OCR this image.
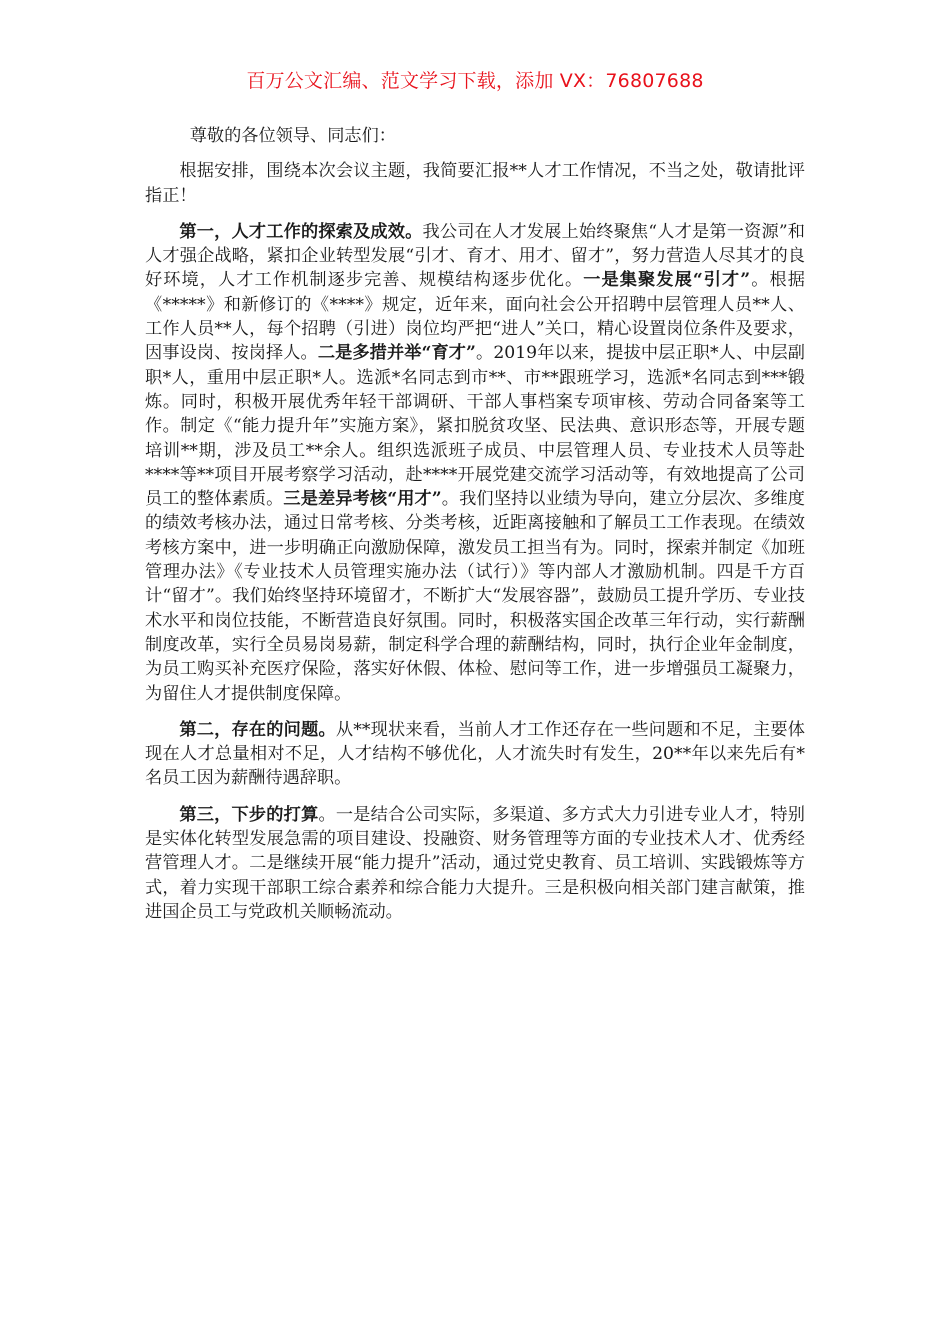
百万公文汇编、范文学习下载，添加 VX：76807688

尊敬的各位领导、同志们：

根据安排，围绕本次会议主题，我简要汇报**人才工作情况，不当之处，敬请批评指正！

第一，人才工作的探索及成效。我公司在人才发展上始终聚焦“人才是第一资源”和人才强企战略，紧扣企业转型发展“引才、育才、用才、留才”，努力营造人尽其才的良好环境，人才工作机制逐步完善、规模结构逐步优化。一是集聚发展“引才”。根据《*****》和新修订的《****》规定，近年来，面向社会公开招聘中层管理人员**人、工作人员**人，每个招聘（引进）岗位均严把“进人”关口，精心设置岗位条件及要求，因事设岗、按岗择人。二是多措并举“育才”。2019年以来，提拔中层正职*人、中层副职*人，重用中层正职*人。选派*名同志到市**、市**跟班学习，选派*名同志到***锻炼。同时，积极开展优秀年轻干部调研、干部人事档案专项审核、劳动合同备案等工作。制定《“能力提升年”实施方案》，紧扣脱贫攻坚、民法典、意识形态等，开展专题培训**期，涉及员工**余人。组织选派班子成员、中层管理人员、专业技术人员等赴****等**项目开展考察学习活动，赴****开展党建交流学习活动等，有效地提高了公司员工的整体素质。三是差异考核“用才”。我们坚持以业绩为导向，建立分层次、多维度的绩效考核办法，通过日常考核、分类考核，近距离接触和了解员工工作表现。在绩效考核方案中，进一步明确正向激励保障，激发员工担当有为。同时，探索并制定《加班管理办法》《专业技术人员管理实施办法（试行）》等内部人才激励机制。四是千方百计“留才”。我们始终坚持环境留才，不断扩大“发展容器”，鼓励员工提升学历、专业技术水平和岗位技能，不断营造良好氛围。同时，积极落实国企改革三年行动，实行薪酬制度改革，实行全员易岗易薪，制定科学合理的薪酬结构，同时，执行企业年金制度，为员工购买补充医疗保险，落实好休假、体检、慰问等工作，进一步增强员工凝聚力，为留住人才提供制度保障。

第二，存在的问题。从**现状来看，当前人才工作还存在一些问题和不足，主要体现在人才总量相对不足，人才结构不够优化，人才流失时有发生，20**年以来先后有*名员工因为薪酬待遇辞职。

第三，下步的打算。一是结合公司实际，多渠道、多方式大力引进专业人才，特别是实体化转型发展急需的项目建设、投融资、财务管理等方面的专业技术人才、优秀经营管理人才。二是继续开展“能力提升”活动，通过党史教育、员工培训、实践锻炼等方式，着力实现干部职工综合素养和综合能力大提升。三是积极向相关部门建言献策，推进国企员工与党政机关顺畅流动。
